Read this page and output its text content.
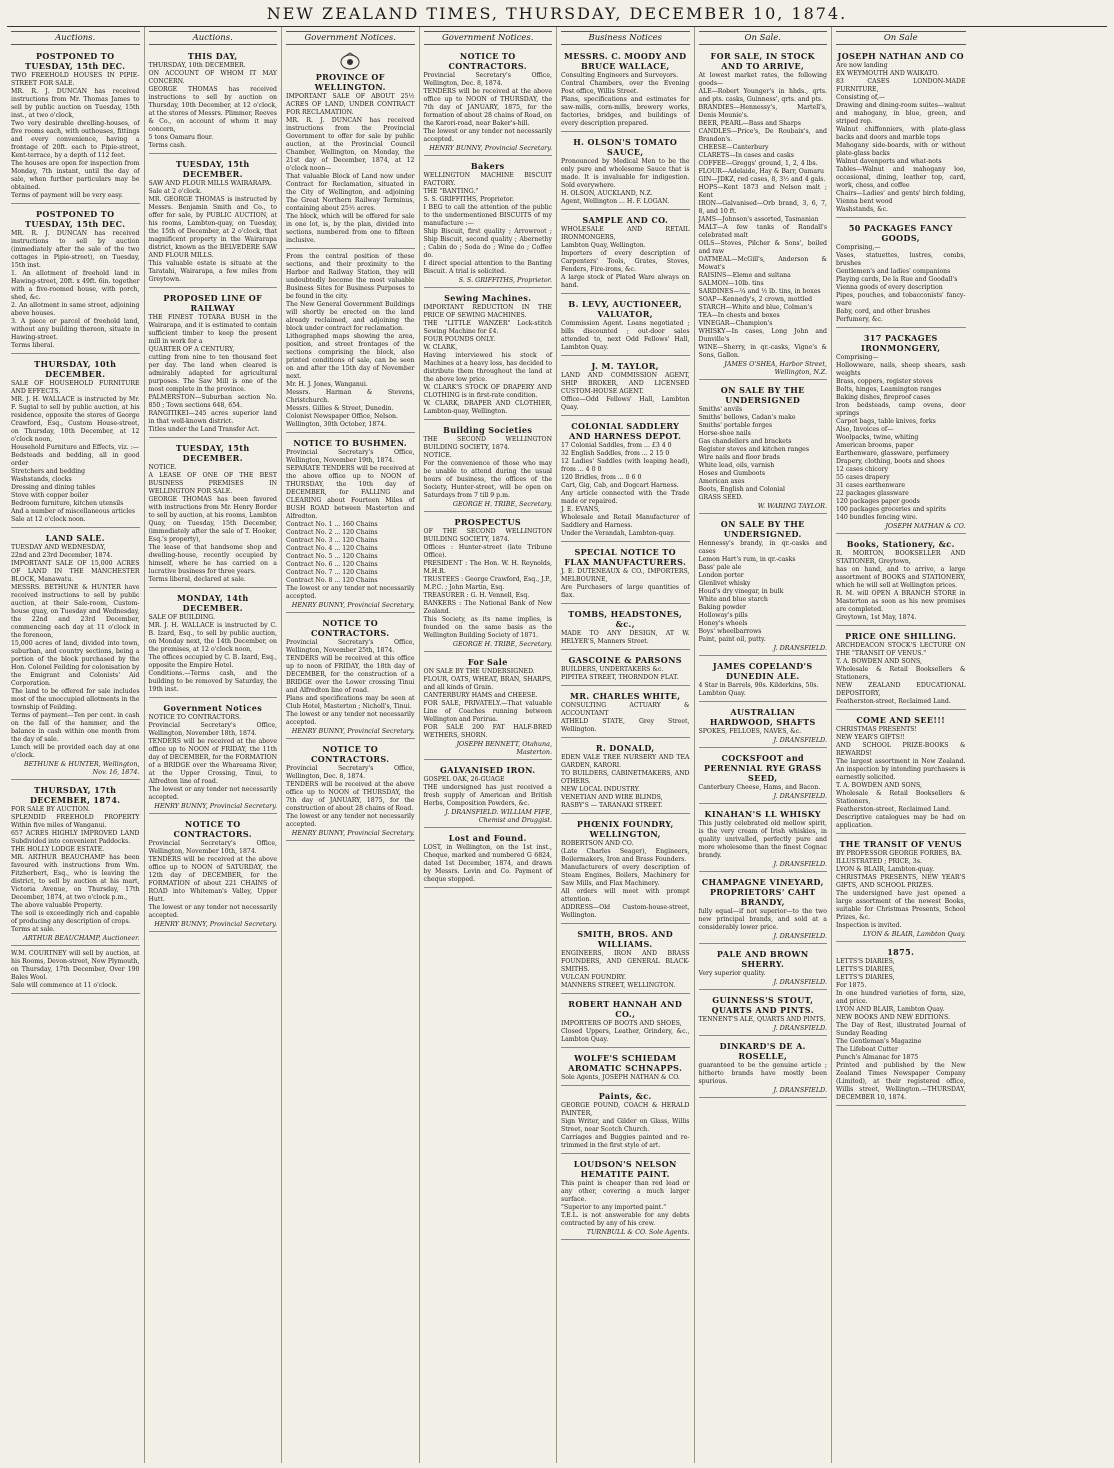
NEW ZEALAND TIMES, THURSDAY, DECEMBER 10, 1874.
Auctions.
POSTPONED TO TUESDAY, 15th DEC.
TWO FREEHOLD HOUSES IN PIPIE-STREET FOR SALE.
MR. R. J. DUNCAN has received instructions from Mr. Thomas James to sell by public auction on Tuesday, 15th inst., at two o'clock,
Two very desirable dwelling-houses, of five rooms each, with outhouses, fittings and every convenience, having a frontage of 20ft. each to Pipie-street, Kent-terrace, by a depth of 112 feet.
The houses are open for inspection from Monday, 7th instant, until the day of sale, when further particulars may be obtained.
Terms of payment will be very easy.
POSTPONED TO TUESDAY, 15th DEC.
MR. R. J. DUNCAN has received instructions to sell by auction (immediately after the sale of the two cottages in Pipie-street), on Tuesday, 15th inst.
1. An allotment of freehold land in Hawing-street, 20ft. x 49ft. 6in. together with a five-roomed house, with porch, shed, &c.
2. An allotment in same street, adjoining above houses.
3. A piece or parcel of freehold land, without any building thereon, situate in Hawing-street.
Terms liberal.
THURSDAY, 10th DECEMBER.
SALE OF HOUSEHOLD FURNITURE AND EFFECTS.
MR. J. H. WALLACE is instructed by Mr. F. Sugial to sell by public auction, at his residence, opposite the stores of George Crawford, Esq., Custom House-street, on Thursday, 10th December, at 12 o'clock noon,
Household Furniture and Effects, viz. :—
Bedsteads and bedding, all in good order
Stretchers and bedding
Washstands, clocks
Dressing and dining tables
Stove with copper boiler
Bedroom furniture, kitchen utensils
And a number of miscellaneous articles
Sale at 12 o'clock noon.
LAND SALE.
TUESDAY AND WEDNESDAY,
22nd and 23rd December, 1874.
IMPORTANT SALE OF 15,000 ACRES OF LAND IN THE MANCHESTER BLOCK, Manawatu.
MESSRS. BETHUNE & HUNTER have received instructions to sell by public auction, at their Sale-room, Custom-house quay, on Tuesday and Wednesday, the 22nd and 23rd December, commencing each day at 11 o'clock in the forenoon,
15,000 acres of land, divided into town, suburban, and country sections, being a portion of the block purchased by the Hon. Colonel Feilding for colonisation by the Emigrant and Colonists' Aid Corporation.
The land to be offered for sale includes most of the unoccupied allotments in the township of Feilding.
Terms of payment—Ten per cent. in cash on the fall of the hammer, and the balance in cash within one month from the day of sale.
Lunch will be provided each day at one o'clock.
BETHUNE & HUNTER, Wellington, Nov. 16, 1874.
THURSDAY, 17th DECEMBER, 1874.
FOR SALE BY AUCTION.
SPLENDID FREEHOLD PROPERTY Within five miles of Wanganui.
657 ACRES HIGHLY IMPROVED LAND Subdivided into convenient Paddocks.
THE HOLLY LODGE ESTATE.
MR. ARTHUR BEAUCHAMP has been favoured with instructions from Wm. Fitzherbert, Esq., who is leaving the district, to sell by auction at his mart, Victoria Avenue, on Thursday, 17th December, 1874, at two o'clock p.m.,
The above valuable Property.
The soil is exceedingly rich and capable of producing any description of crops.
Terms at sale.
ARTHUR BEAUCHAMP, Auctioneer.
W.M. COURTNEY will sell by auction, at his Rooms, Devon-street, New Plymouth, on Thursday, 17th December, Over 190 Bales Wool.
Sale will commence at 11 o'clock.
Auctions.
THIS DAY,
THURSDAY, 10th DECEMBER.
ON ACCOUNT OF WHOM IT MAY CONCERN.
GEORGE THOMAS has received instructions to sell by auction on Thursday, 10th December, at 12 o'clock, at the stores of Messrs. Plimmer, Reeves & Co., on account of whom it may concern,
5 tons Oamaru flour.
Terms cash.
TUESDAY, 15th DECEMBER.
SAW AND FLOUR MILLS WAIRARAPA.
Sale at 2 o'clock.
MR. GEORGE THOMAS is instructed by Messrs. Benjamin Smith and Co., to offer for sale, by PUBLIC AUCTION, at his rooms, Lambton-quay, on Tuesday, the 15th of December, at 2 o'clock, that magnificent property in the Wairarapa district, known as the BELVEDERE SAW AND FLOUR MILLS.
This valuable estate is situate at the Taratahi, Wairarapa, a few miles from Greytown.
PROPOSED LINE OF RAILWAY
THE FINEST TOTARA BUSH in the Wairarapa, and it is estimated to contain sufficient timber to keep the present mill in work for a
QUARTER OF A CENTURY,
cutting from nine to ten thousand feet per day. The land when cleared is admirably adapted for agricultural purposes. The Saw Mill is one of the most complete in the province.
PALMERSTON—Suburban section No. 850 ; Town sections 648, 654.
RANGITIKEI—245 acres superior land in that well-known district.
Titles under the Land Transfer Act.
TUESDAY, 15th DECEMBER.
NOTICE.
A LEASE OF ONE OF THE BEST BUSINESS PREMISES IN WELLINGTON FOR SALE.
GEORGE THOMAS has been favored with instructions from Mr. Henry Border to sell by auction, at his rooms, Lambton Quay, on Tuesday, 15th December, (immediately after the sale of T. Hooker, Esq.'s property),
The lease of that handsome shop and dwelling-house, recently occupied by himself, where he has carried on a lucrative business for three years.
Terms liberal, declared at sale.
MONDAY, 14th DECEMBER.
SALE OF BUILDING.
MR. J. H. WALLACE is instructed by C. B. Izard, Esq., to sell by public auction, on Monday next, the 14th December, on the premises, at 12 o'clock noon,
The offices occupied by C. B. Izard, Esq., opposite the Empire Hotel.
Conditions.—Terms cash, and the building to be removed by Saturday, the 19th inst.
Government Notices
NOTICE TO CONTRACTORS.
Provincial Secretary's Office, Wellington, November 18th, 1874.
TENDERS will be received at the above office up to NOON of FRIDAY, the 11th day of DECEMBER, for the FORMATION of a BRIDGE over the Whareama River, at the Upper Crossing, Tinui, to Alfredton line of road.
The lowest or any tender not necessarily accepted.
HENRY BUNNY, Provincial Secretary.
NOTICE TO CONTRACTORS.
Provincial Secretary's Office, Wellington, November 10th, 1874.
TENDERS will be received at the above office up to NOON of SATURDAY, the 12th day of DECEMBER, for the FORMATION of about 221 CHAINS of ROAD into Whiteman's Valley, Upper Hutt.
The lowest or any tender not necessarily accepted.
HENRY BUNNY, Provincial Secretary.
Government Notices.
PROVINCE OF WELLINGTON.
IMPORTANT SALE OF ABOUT 25½ ACRES OF LAND, UNDER CONTRACT FOR RECLAMATION.
MR. R. J. DUNCAN has received instructions from the Provincial Government to offer for sale by public auction, at the Provincial Council Chamber, Wellington, on Monday, the 21st day of December, 1874, at 12 o'clock noon—
That valuable Block of Land now under Contract for Reclamation, situated in the City of Wellington, and adjoining The Great Northern Railway Terminus, containing about 25½ acres.
The block, which will be offered for sale in one lot, is, by the plan, divided into sections, numbered from one to fifteen inclusive.
From the central position of these sections, and their proximity to the Harbor and Railway Station, they will undoubtedly become the most valuable Business Sites for Business Purposes to be found in the city.
The New General Government Buildings will shortly be erected on the land already reclaimed, and adjoining the block under contract for reclamation.
Lithographed maps showing the area, position, and street frontages of the sections comprising the block, also printed conditions of sale, can be seen on and after the 15th day of November next.
Mr. H. J. Jones, Wanganui.
Messrs. Harman & Stevens, Christchurch.
Messrs. Gillies & Street, Dunedin.
Colonist Newspaper Office, Nelson.
Wellington, 30th October, 1874.
NOTICE TO BUSHMEN.
Provincial Secretary's Office, Wellington, November 19th, 1874.
SEPARATE TENDERS will be received at the above office up to NOON of THURSDAY, the 10th day of DECEMBER, for FALLING and CLEARING about Fourteen Miles of BUSH ROAD between Masterton and Alfredton.
Contract No. 1 ... 160 Chains
Contract No. 2 ... 120 Chains
Contract No. 3 ... 120 Chains
Contract No. 4 ... 120 Chains
Contract No. 5 ... 120 Chains
Contract No. 6 ... 120 Chains
Contract No. 7 ... 120 Chains
Contract No. 8 ... 120 Chains
The lowest or any tender not necessarily accepted.
HENRY BUNNY, Provincial Secretary.
NOTICE TO CONTRACTORS.
Provincial Secretary's Office, Wellington, November 25th, 1874.
TENDERS will be received at this office up to noon of FRIDAY, the 18th day of DECEMBER, for the construction of a BRIDGE over the Lower crossing Tinui and Alfredton line of road.
Plans and specifications may be seen at Club Hotel, Masterton ; Nicholl's, Tinui.
The lowest or any tender not necessarily accepted.
HENRY BUNNY, Provincial Secretary.
NOTICE TO CONTRACTORS.
Provincial Secretary's Office, Wellington, Dec. 8, 1874.
TENDERS will be received at the above office up to NOON of THURSDAY, the 7th day of JANUARY, 1875, for the construction of about 28 chains of Road.
The lowest or any tender not necessarily accepted.
HENRY BUNNY, Provincial Secretary.
Government Notices.
NOTICE TO CONTRACTORS.
Provincial Secretary's Office, Wellington, Dec. 8, 1874.
TENDERS will be received at the above office up to NOON of THURSDAY, the 7th day of JANUARY, 1875, for the formation of about 28 chains of Road, on the Karori-road, near Baker's-hill.
The lowest or any tender not necessarily accepted.
HENRY BUNNY, Provincial Secretary.
Bakers
WELLINGTON MACHINE BISCUIT FACTORY.
THE "BANTING."
S. S. GRIFFITHS, Proprietor.
I BEG to call the attention of the public to the undermentioned BISCUITS of my manufacture :—
Ship Biscuit, first quality ; Arrowroot ; Ship Biscuit, second quality ; Abernethy ; Cabin do ; Soda do ; Wine do ; Coffee do.
I direct special attention to the Banting Biscuit. A trial is solicited.
S. S. GRIFFITHS, Proprietor.
Sewing Machines.
IMPORTANT REDUCTION IN THE PRICE OF SEWING MACHINES.
THE "LITTLE WANZER" Lock-stitch Sewing Machine for £4.
FOUR POUNDS ONLY.
W. CLARK,
Having interviewed his stock of Machines at a heavy loss, has decided to distribute them throughout the land at the above low price.
W. CLARK'S STOCK OF DRAPERY AND CLOTHING is in first-rate condition.
W. CLARK, DRAPER AND CLOTHIER, Lambton-quay, Wellington.
Building Societies
THE SECOND WELLINGTON BUILDING SOCIETY, 1874.
NOTICE.
For the convenience of those who may be unable to attend during the usual hours of business, the offices of the Society, Hunter-street, will be open on Saturdays from 7 till 9 p.m.
GEORGE H. TRIBE, Secretary.
PROSPECTUS
OF THE SECOND WELLINGTON BUILDING SOCIETY, 1874.
Offices : Hunter-street (late Tribune Office).
PRESIDENT : The Hon. W. H. Reynolds, M.H.R.
TRUSTEES : George Crawford, Esq., J.P., M.P.C. ; John Martin, Esq.
TREASURER : G. H. Vennell, Esq.
BANKERS : The National Bank of New Zealand.
This Society, as its name implies, is founded on the same basis as the Wellington Building Society of 1871.
GEORGE H. TRIBE, Secretary.
For Sale
ON SALE BY THE UNDERSIGNED.
FLOUR, OATS, WHEAT, BRAN, SHARPS, and all kinds of Grain.
CANTERBURY HAMS and CHEESE.
FOR SALE, PRIVATELY.—That valuable Line of Coaches running between Wellington and Porirua.
FOR SALE 200 FAT HALF-BRED WETHERS, SHORN.
JOSEPH BENNETT, Otahuna, Masterton.
GALVANISED IRON.
GOSPEL OAK, 26-GUAGE
THE undersigned has just received a fresh supply of American and British Herbs, Composition Powders, &c.
J. DRANSFIELD. WILLIAM FIFE, Chemist and Druggist.
Lost and Found.
LOST, in Wellington, on the 1st inst., Cheque, marked and numbered G 6824, dated 1st December, 1874, and drawn by Messrs. Levin and Co. Payment of cheque stopped.
Business Notices
MESSRS. C. MOODY AND BRUCE WALLACE,
Consulting Engineers and Surveyors.
Contral Chambers, over the Evening Post office, Willis Street.
Plans, specifications and estimates for saw-mills, corn-mills, brewery works, factories, bridges, and buildings of every description prepared.
H. OLSON'S TOMATO SAUCE,
Pronounced by Medical Men to be the only pure and wholesome Sauce that is made. It is invaluable for indigestion. Sold everywhere.
H. OLSON, AUCKLAND, N.Z.
Agent, Wellington ... H. F. LOGAN.
SAMPLE AND CO.
WHOLESALE AND RETAIL IRONMONGERS,
Lambton Quay, Wellington.
Importers of every description of Carpenters' Tools, Grates, Stoves, Fenders, Fire-irons, &c.
A large stock of Plated Ware always on hand.
B. LEVY, AUCTIONEER, VALUATOR,
Commission Agent. Loans negotiated ; bills discounted ; out-door sales attended to, next Odd Fellows' Hall, Lambton Quay.
J. M. TAYLOR,
LAND AND COMMISSION AGENT, SHIP BROKER, AND LICENSED CUSTOM-HOUSE AGENT.
Office—Odd Fellows' Hall, Lambton Quay.
COLONIAL SADDLERY AND HARNESS DEPOT.
17 Colonial Saddles, from ... £3 4 0
32 English Saddles, from ... 2 15 0
12 Ladies' Saddles (with leaping head), from ... 4 0 0
120 Bridles, from ... 0 6 0
Cart, Gig, Cab, and Dogcart Harness.
Any article connected with the Trade made or repaired.
J. E. EVANS,
Wholesale and Retail Manufacturer of Saddlery and Harness.
Under the Verandah, Lambton-quay.
SPECIAL NOTICE TO FLAX MANUFACTURERS.
J. E. DUTENEAUX & CO., IMPORTERS, MELBOURNE,
Are Purchasers of large quantities of flax.
TOMBS, HEADSTONES, &c.,
MADE TO ANY DESIGN, AT W. HELYER'S, Manners Street.
GASCOINE & PARSONS
BUILDERS, UNDERTAKERS &c.
PIPITEA STREET, THORNDON FLAT.
MR. CHARLES WHITE,
CONSULTING ACTUARY & ACCOUNTANT
ATHELD STATE, Grey Street, Wellington.
R. DONALD,
EDEN VALE TREE NURSERY AND TEA GARDEN, KARORI.
TO BUILDERS, CABINETMAKERS, AND OTHERS.
NEW LOCAL INDUSTRY.
VENETIAN AND WIRE BLINDS,
RASBY'S — TARANAKI STREET.
PHŒNIX FOUNDRY, WELLINGTON,
ROBERTSON AND CO.
(Late Charles Seager), Engineers, Boilermakers, Iron and Brass Founders.
Manufacturers of every description of Steam Engines, Boilers, Machinery for Saw Mills, and Flax Machinery.
All orders will meet with prompt attention.
ADDRESS—Old Custom-house-street, Wellington.
SMITH, BROS. AND WILLIAMS.
ENGINEERS, IRON AND BRASS FOUNDERS, AND GENERAL BLACK-SMITHS.
VULCAN FOUNDRY.
MANNERS STREET, WELLINGTON.
ROBERT HANNAH AND CO.,
IMPORTERS OF BOOTS AND SHOES,
Closed Uppers, Leather, Grindery, &c., Lambton Quay.
WOLFE'S SCHIEDAM AROMATIC SCHNAPPS.
Sole Agents, JOSEPH NATHAN & CO.
Paints, &c.
GEORGE POUND, COACH & HERALD PAINTER,
Sign Writer, and Gilder on Glass, Willis Street, near Scotch Church.
Carriages and Buggies painted and re-trimmed in the first style of art.
LOUDSON'S NELSON HEMATITE PAINT.
This paint is cheaper than red lead or any other, covering a much larger surface.
"Superior to any imported paint."
T.E.L. is not answerable for any debts contracted by any of his crew.
TURNBULL & CO. Sole Agents.
On Sale.
FOR SALE, IN STOCK AND TO ARRIVE,
At lowest market rates, the following goods—
ALE—Robert Younger's in hhds., qrts. and pts. casks, Guinness', qrts. and pts.
BRANDIES—Hennessy's, Martell's, Denis Mounie's.
BEER, PEARL—Bass and Sharps
CANDLES—Price's, De Roubaix's, and Brandon's.
CHEESE—Canterbury
CLARETS—In cases and casks
COFFEE—Greggs' ground, 1, 2, 4 lbs.
FLOUR—Adelaide, Hay & Barr, Oamaru
GIN—JDKZ, red cases, 8, 3½ and 4 gals.
HOPS—Kent 1873 and Nelson malt ; Kent
IRON—Galvanised—Orb brand, 3, 6, 7, 8, and 10 ft.
JAMS—Johnson's assorted, Tasmanian
MALT—A few tanks of Randall's celebrated malt
OILS—Stoves, Pilcher & Sons', boiled and raw
OATMEAL—McGill's, Anderson & Mowat's
RAISINS—Eleme and sultana
SALMON—10lb. tins
SARDINES—¼ and ½ lb. tins, in boxes
SOAP—Kennedy's, 2 crown, mottled
STARCH—White and blue, Colman's
TEA—In chests and boxes
VINEGAR—Champion's
WHISKY—In cases, Long John and Dunville's
WINE—Sherry, in qr.-casks, Vigne's & Sons, Gallon.
JAMES O'SHEA, Harbor Street, Wellington, N.Z.
ON SALE BY THE UNDERSIGNED
Smiths' anvils
Smiths' bellows, Cadan's make
Smiths' portable forges
Horse-shoe nails
Gas chandeliers and brackets
Register stoves and kitchen ranges
Wire nails and floor brads
White lead, oils, varnish
Hoses and Gumboots
American axes
Boots, English and Colonial
GRASS SEED.
W. WARING TAYLOR.
ON SALE BY THE UNDERSIGNED.
Hennessy's brandy, in qr.-casks and cases
Lemon Hart's rum, in qr.-casks
Bass' pale ale
London porter
Glenlivet whisky
Houd's dry vinegar, in bulk
White and blue starch
Baking powder
Holloway's pills
Honey's wheels
Boys' wheelbarrows
Paint, paint oil, putty.
J. DRANSFIELD.
JAMES COPELAND'S DUNEDIN ALE.
4 Star in Barrels, 90s. Kilderkins, 50s.
Lambton Quay.
AUSTRALIAN HARDWOOD, SHAFTS
SPOKES, FELLOES, NAVES, &c.
J. DRANSFIELD.
COCKSFOOT and PERENNIAL RYE GRASS SEED,
Canterbury Cheese, Hams, and Bacon.
J. DRANSFIELD.
KINAHAN'S LL WHISKY
This justly celebrated old mellow spirit, is the very cream of Irish whiskies, in quality unrivalled, perfectly pure and more wholesome than the finest Cognac brandy.
J. DRANSFIELD.
CHAMPAGNE VINEYARD, PROPRIETORS' CAHT BRANDY,
fully equal—if not superior—to the two new principal brands, and sold at a considerably lower price.
J. DRANSFIELD.
PALE AND BROWN SHERRY.
Very superior quality.
J. DRANSFIELD.
GUINNESS'S STOUT, QUARTS AND PINTS.
TENNENT'S ALE, QUARTS AND PINTS.
J. DRANSFIELD.
DINKARD'S DE A. ROSELLE,
guaranteed to be the genuine article ; hitherto brands have mostly been spurious.
J. DRANSFIELD.
On Sale
JOSEPH NATHAN AND CO
Are now landing
EX WEYMOUTH AND WAIKATO.
83 CASES LONDON-MADE FURNITURE,
Consisting of,—
Drawing and dining-room suites—walnut and mahogany, in blue, green, and striped rep.
Walnut chiffonniers, with plate-glass backs and doors and marble tops
Mahogany side-boards, with or without plate-glass backs
Walnut davenports and what-nots
Tables—Walnut and mahogany loo, occasional, dining, leather top, card, work, chess, and coffee
Chairs—Ladies' and gents' birch folding, Vienna bent wood
Washstands, &c.
50 PACKAGES FANCY GOODS,
Comprising,—
Vases, statuettes, lustres, combs, brushes
Gentlemen's and ladies' companions
Playing cards, De la Rue and Goodall's
Vienna goods of every description
Pipes, pouches, and tobacconists' fancy-ware
Baby, cord, and other brushes
Perfumery, &c.
317 PACKAGES IRONMONGERY,
Comprising—
Hollowware, nails, sheep shears, sash weights
Brass, coppers, register stoves
Bolts, hinges, Leamington ranges
Baking dishes, fireproof cases
Iron bedsteads, camp ovens, door springs
Carpet bags, table knives, forks
Also, Invoices of—
Woolpacks, twine, whiting
American brooms, paper
Earthenware, glassware, perfumery
Drapery, clothing, boots and shoes
12 cases chicory
55 cases drapery
31 cases earthenware
22 packages glassware
120 packages paper goods
100 packages groceries and spirits
140 bundles fencing wire.
JOSEPH NATHAN & CO.
Books, Stationery, &c.
R. MORTON, BOOKSELLER AND STATIONER, Greytown,
has on hand, and to arrive, a large assortment of BOOKS and STATIONERY, which he will sell at Wellington prices.
R. M. will OPEN A BRANCH STORE in Masterton as soon as his new premises are completed.
Greytown, 1st May, 1874.
PRICE ONE SHILLING.
ARCHDEACON STOCK'S LECTURE ON THE "TRANSIT OF VENUS."
T. A. BOWDEN AND SONS,
Wholesale & Retail Booksellers & Stationers,
NEW ZEALAND EDUCATIONAL DEPOSITORY,
Featherston-street, Reclaimed Land.
COME AND SEE!!!
CHRISTMAS PRESENTS!
NEW YEAR'S GIFTS!!
AND SCHOOL PRIZE-BOOKS & REWARDS!
The largest assortment in New Zealand. An inspection by intending purchasers is earnestly solicited.
T. A. BOWDEN AND SONS,
Wholesale & Retail Booksellers & Stationers,
Featherston-street, Reclaimed Land.
Descriptive catalogues may be had on application.
THE TRANSIT OF VENUS
BY PROFESSOR GEORGE FORBES, BA.
ILLUSTRATED ; PRICE, 3s.
LYON & BLAIR, Lambton-quay.
CHRISTMAS PRESENTS, NEW YEAR'S GIFTS, AND SCHOOL PRIZES.
The undersigned have just opened a large assortment of the newest Books, suitable for Christmas Presents, School Prizes, &c.
Inspection is invited.
LYON & BLAIR, Lambton Quay.
1875.
LETTS'S DIARIES,
LETTS'S DIARIES,
LETTS'S DIARIES,
For 1875.
In one hundred varieties of form, size, and price.
LYON AND BLAIR, Lambton Quay.
NEW BOOKS AND NEW EDITIONS.
The Day of Rest, illustrated Journal of Sunday Reading
The Gentleman's Magazine
The Lifeboat Cutter
Punch's Almanac for 1875
Printed and published by the New Zealand Times Newspaper Company (Limited), at their registered office, Willis street, Wellington.—THURSDAY, DECEMBER 10, 1874.
